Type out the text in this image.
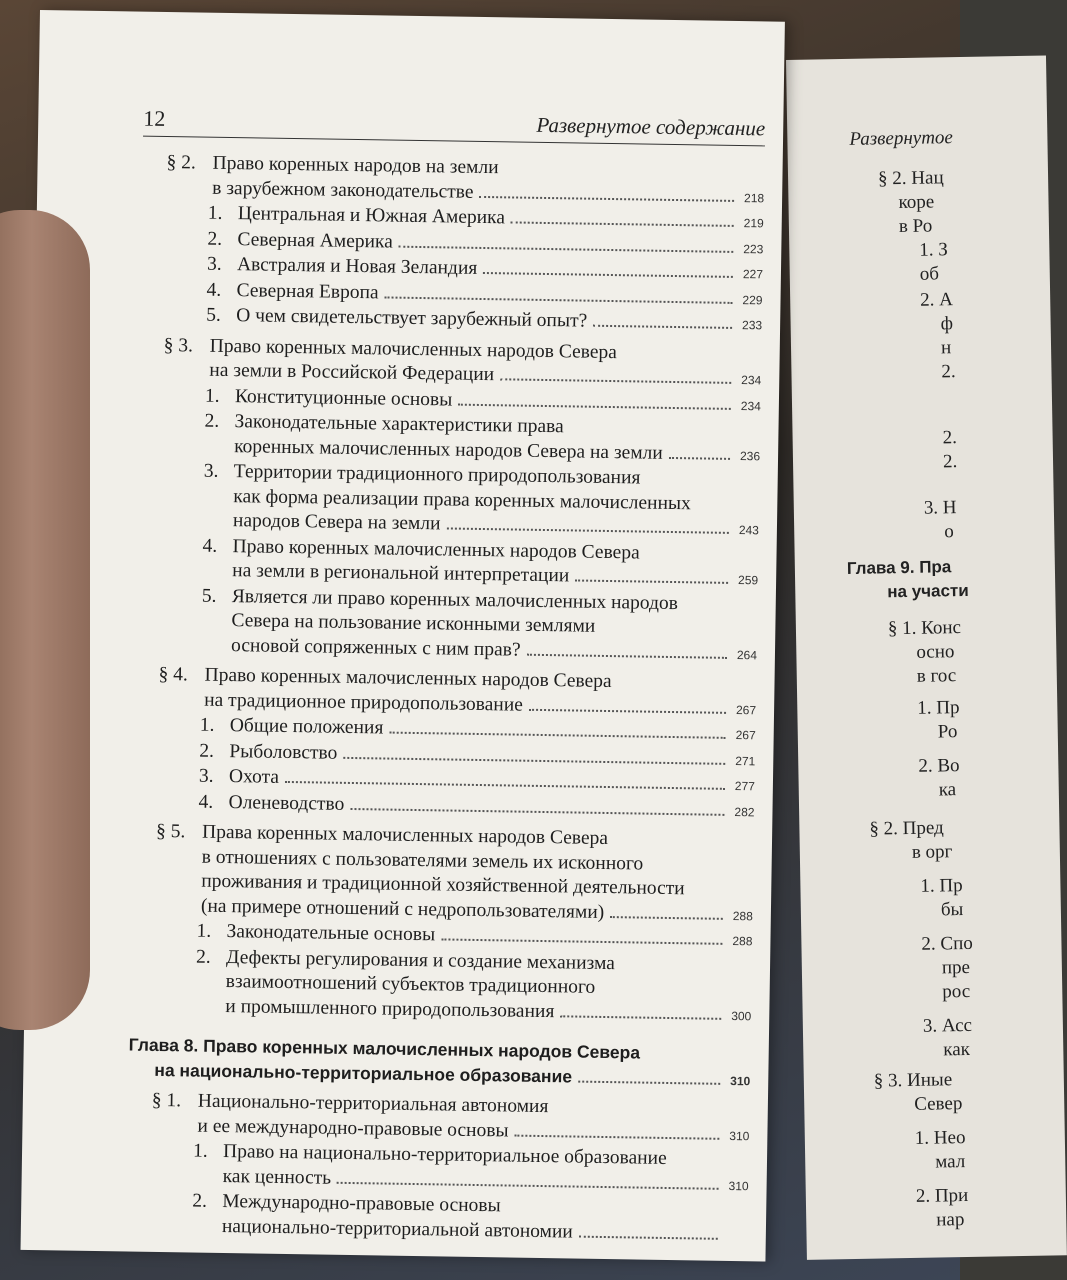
Развернутое
§ 2. Нац
коре
в Ро
1. З
об
2. А
ф
н
2.
2.
2.
3. Н
о
Глава 9. Пра
на участи
§ 1. Конс
осно
в гос
1. Пр
Ро
2. Во
ка
§ 2. Пред
в орг
1. Пр
бы
2. Спо
пре
рос
3. Асс
как
§ 3. Иные
Север
1. Нео
мал
2. При
нар
12	Развернутое содержание
§ 2. Право коренных народов на земли
в зарубежном законодательстве	218
1. Центральная и Южная Америка	219
2. Северная Америка	223
3. Австралия и Новая Зеландия	227
4. Северная Европа	229
5. О чем свидетельствует зарубежный опыт?	233
§ 3. Право коренных малочисленных народов Севера
на земли в Российской Федерации	234
1. Конституционные основы	234
2. Законодательные характеристики права
коренных малочисленных народов Севера на земли	236
3. Территории традиционного природопользования
как форма реализации права коренных малочисленных
народов Севера на земли	243
4. Право коренных малочисленных народов Севера
на земли в региональной интерпретации	259
5. Является ли право коренных малочисленных народов
Севера на пользование исконными землями
основой сопряженных с ним прав?	264
§ 4. Право коренных малочисленных народов Севера
на традиционное природопользование	267
1. Общие положения	267
2. Рыболовство	271
3. Охота	277
4. Оленеводство	282
§ 5. Права коренных малочисленных народов Севера
в отношениях с пользователями земель их исконного
проживания и традиционной хозяйственной деятельности
(на примере отношений с недропользователями)	288
1. Законодательные основы	288
2. Дефекты регулирования и создание механизма
взаимоотношений субъектов традиционного
и промышленного природопользования	300
Глава 8. Право коренных малочисленных народов Севера
на национально-территориальное образование	310
§ 1. Национально-территориальная автономия
и ее международно-правовые основы	310
1. Право на национально-территориальное образование
как ценность	310
2. Международно-правовые основы
национально-территориальной автономии
